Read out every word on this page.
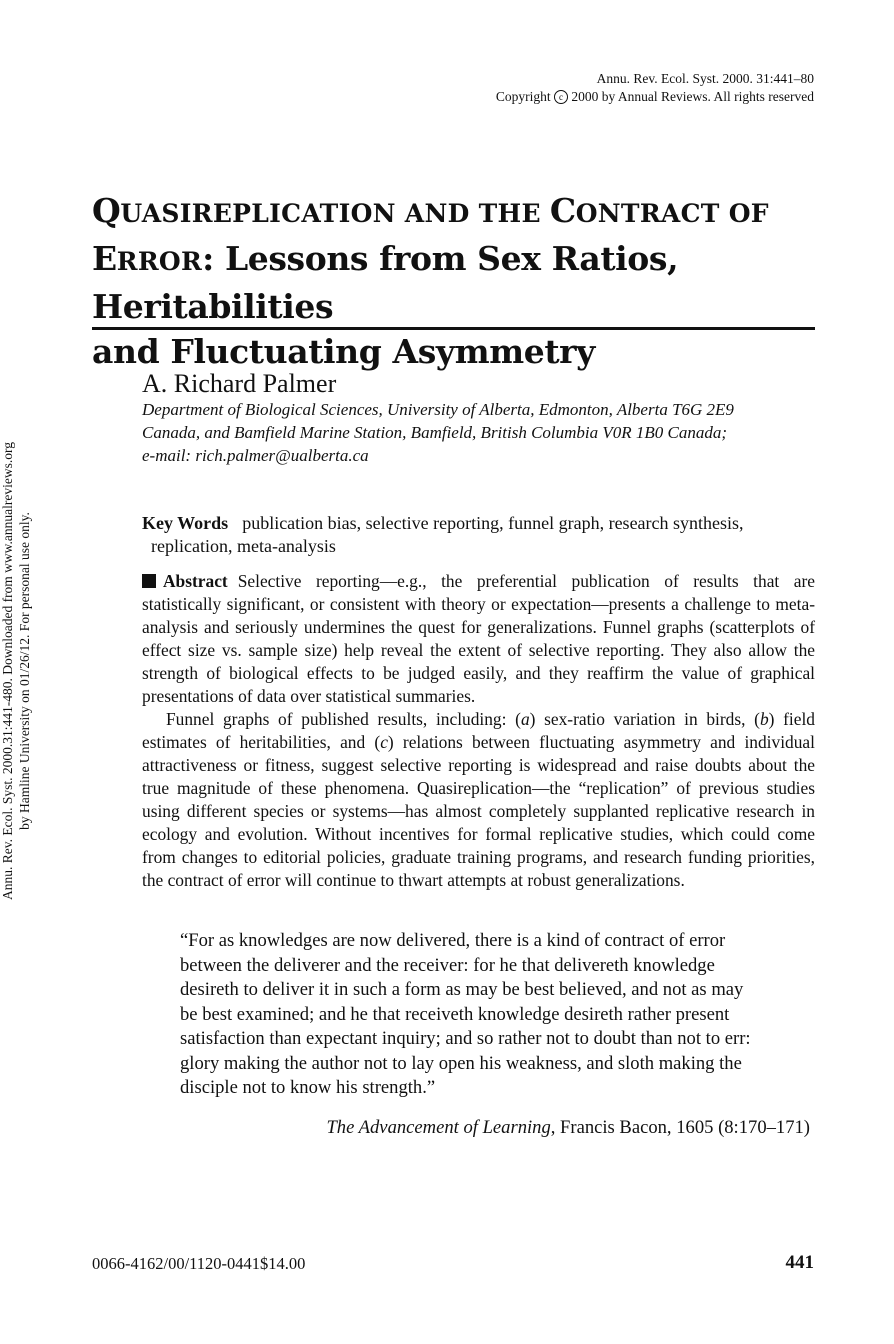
Annu. Rev. Ecol. Syst. 2000. 31:441–80
Copyright c 2000 by Annual Reviews. All rights reserved
QUASIREPLICATION AND THE CONTRACT OF
ERROR: Lessons from Sex Ratios, Heritabilities
and Fluctuating Asymmetry
A. Richard Palmer
Department of Biological Sciences, University of Alberta, Edmonton, Alberta T6G 2E9
Canada, and Bamfield Marine Station, Bamfield, British Columbia V0R 1B0 Canada;
e-mail: rich.palmer@ualberta.ca
Key Words publication bias, selective reporting, funnel graph, research synthesis,
replication, meta-analysis

Abstract Selective reporting—e.g., the preferential publication of results that are statistically significant, or consistent with theory or expectation—presents a challenge to meta-analysis and seriously undermines the quest for generalizations. Funnel graphs (scatterplots of effect size vs. sample size) help reveal the extent of selective reporting. They also allow the strength of biological effects to be judged easily, and they reaffirm the value of graphical presentations of data over statistical summaries.

Funnel graphs of published results, including: (a) sex-ratio variation in birds, (b) field estimates of heritabilities, and (c) relations between fluctuating asymmetry and individual attractiveness or fitness, suggest selective reporting is widespread and raise doubts about the true magnitude of these phenomena. Quasireplication—the “replication” of previous studies using different species or systems—has almost completely supplanted replicative research in ecology and evolution. Without incentives for formal replicative studies, which could come from changes to editorial policies, graduate training programs, and research funding priorities, the contract of error will continue to thwart attempts at robust generalizations.

“For as knowledges are now delivered, there is a kind of contract of error
between the deliverer and the receiver: for he that delivereth knowledge
desireth to deliver it in such a form as may be best believed, and not as may
be best examined; and he that receiveth knowledge desireth rather present
satisfaction than expectant inquiry; and so rather not to doubt than not to err:
glory making the author not to lay open his weakness, and sloth making the
disciple not to know his strength.”
The Advancement of Learning, Francis Bacon, 1605 (8:170–171)
0066-4162/00/1120-0441$14.00	441
Annu. Rev. Ecol. Syst. 2000.31:441-480. Downloaded from www.annualreviews.org by Hamline University on 01/26/12. For personal use only.
